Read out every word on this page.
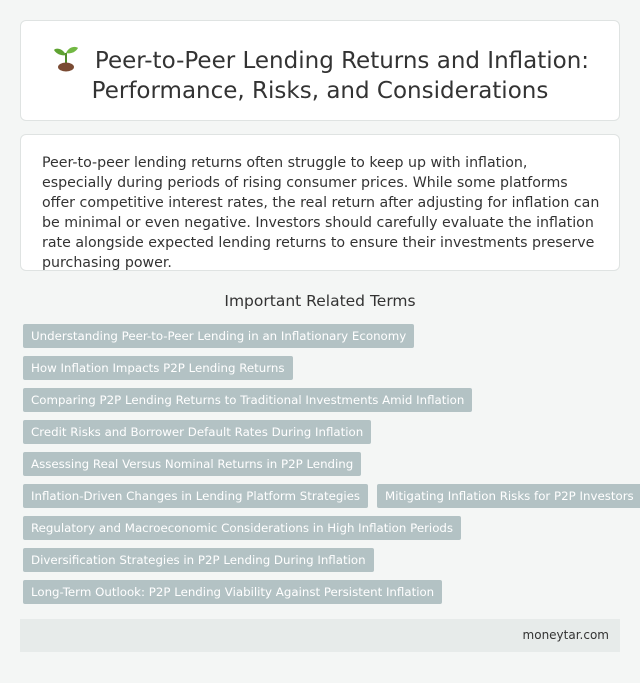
Peer-to-Peer Lending Returns and Inflation:
Performance, Risks, and Considerations

Peer-to-peer lending returns often struggle to keep up with inflation, especially during periods of rising consumer prices. While some platforms offer competitive interest rates, the real return after adjusting for inflation can be minimal or even negative. Investors should carefully evaluate the inflation rate alongside expected lending returns to ensure their investments preserve purchasing power.

Important Related Terms
Understanding Peer-to-Peer Lending in an Inflationary Economy
How Inflation Impacts P2P Lending Returns
Comparing P2P Lending Returns to Traditional Investments Amid Inflation
Credit Risks and Borrower Default Rates During Inflation
Assessing Real Versus Nominal Returns in P2P Lending
Inflation-Driven Changes in Lending Platform Strategies	Mitigating Inflation Risks for P2P Investors
Regulatory and Macroeconomic Considerations in High Inflation Periods
Diversification Strategies in P2P Lending During Inflation
Long-Term Outlook: P2P Lending Viability Against Persistent Inflation
moneytar.com
